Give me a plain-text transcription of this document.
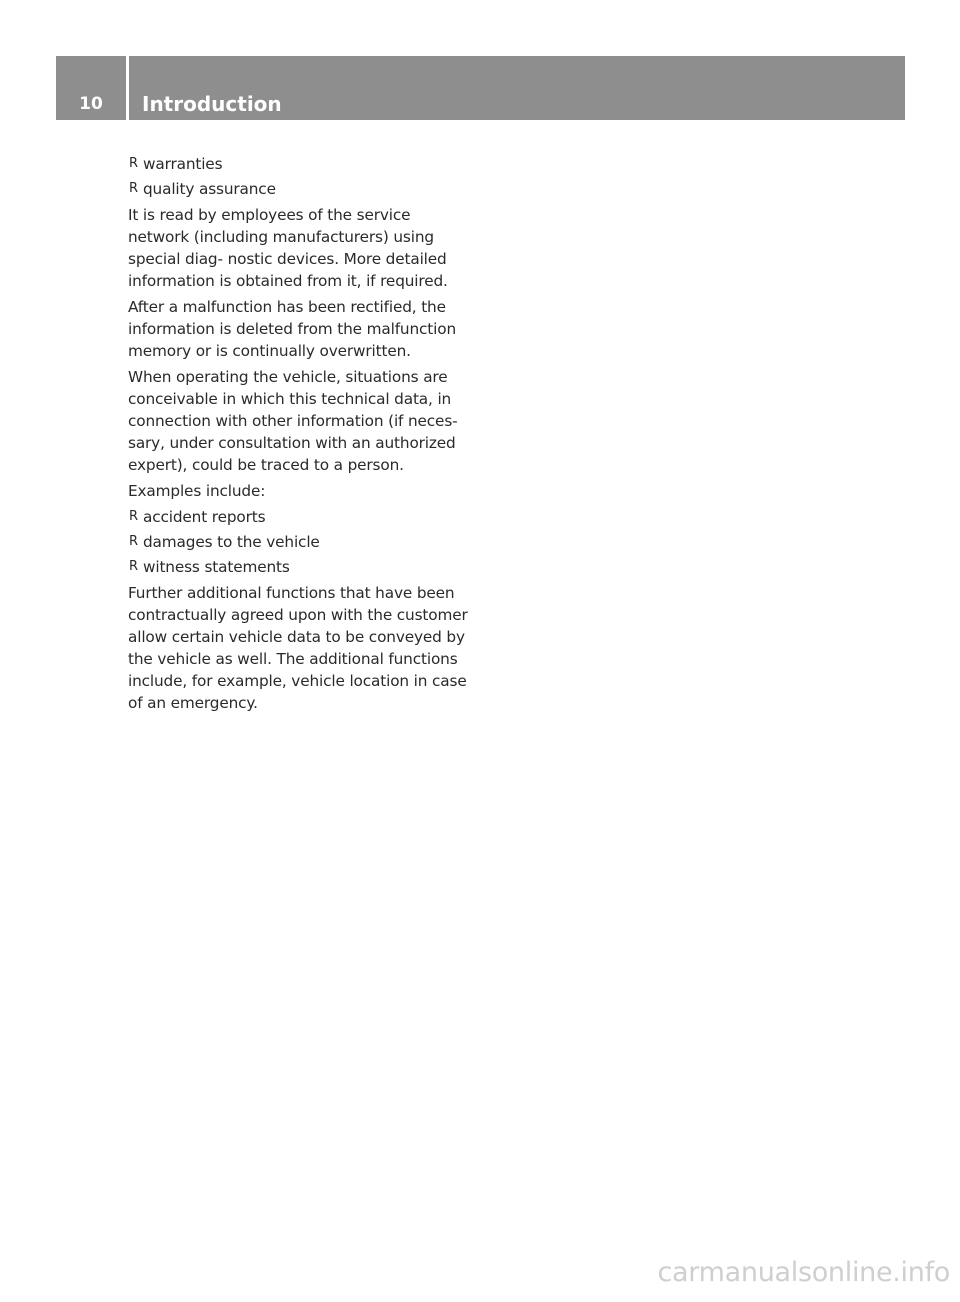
10	Introduction
R warranties
R quality assurance

It is read by employees of the service network (including manufacturers) using special diag- nostic devices. More detailed information is obtained from it, if required.

After a malfunction has been rectified, the information is deleted from the malfunction memory or is continually overwritten.

When operating the vehicle, situations are conceivable in which this technical data, in connection with other information (if neces- sary, under consultation with an authorized expert), could be traced to a person.

Examples include:

R accident reports
R damages to the vehicle
R witness statements

Further additional functions that have been contractually agreed upon with the customer allow certain vehicle data to be conveyed by the vehicle as well. The additional functions include, for example, vehicle location in case of an emergency.

carmanualsonline.info
